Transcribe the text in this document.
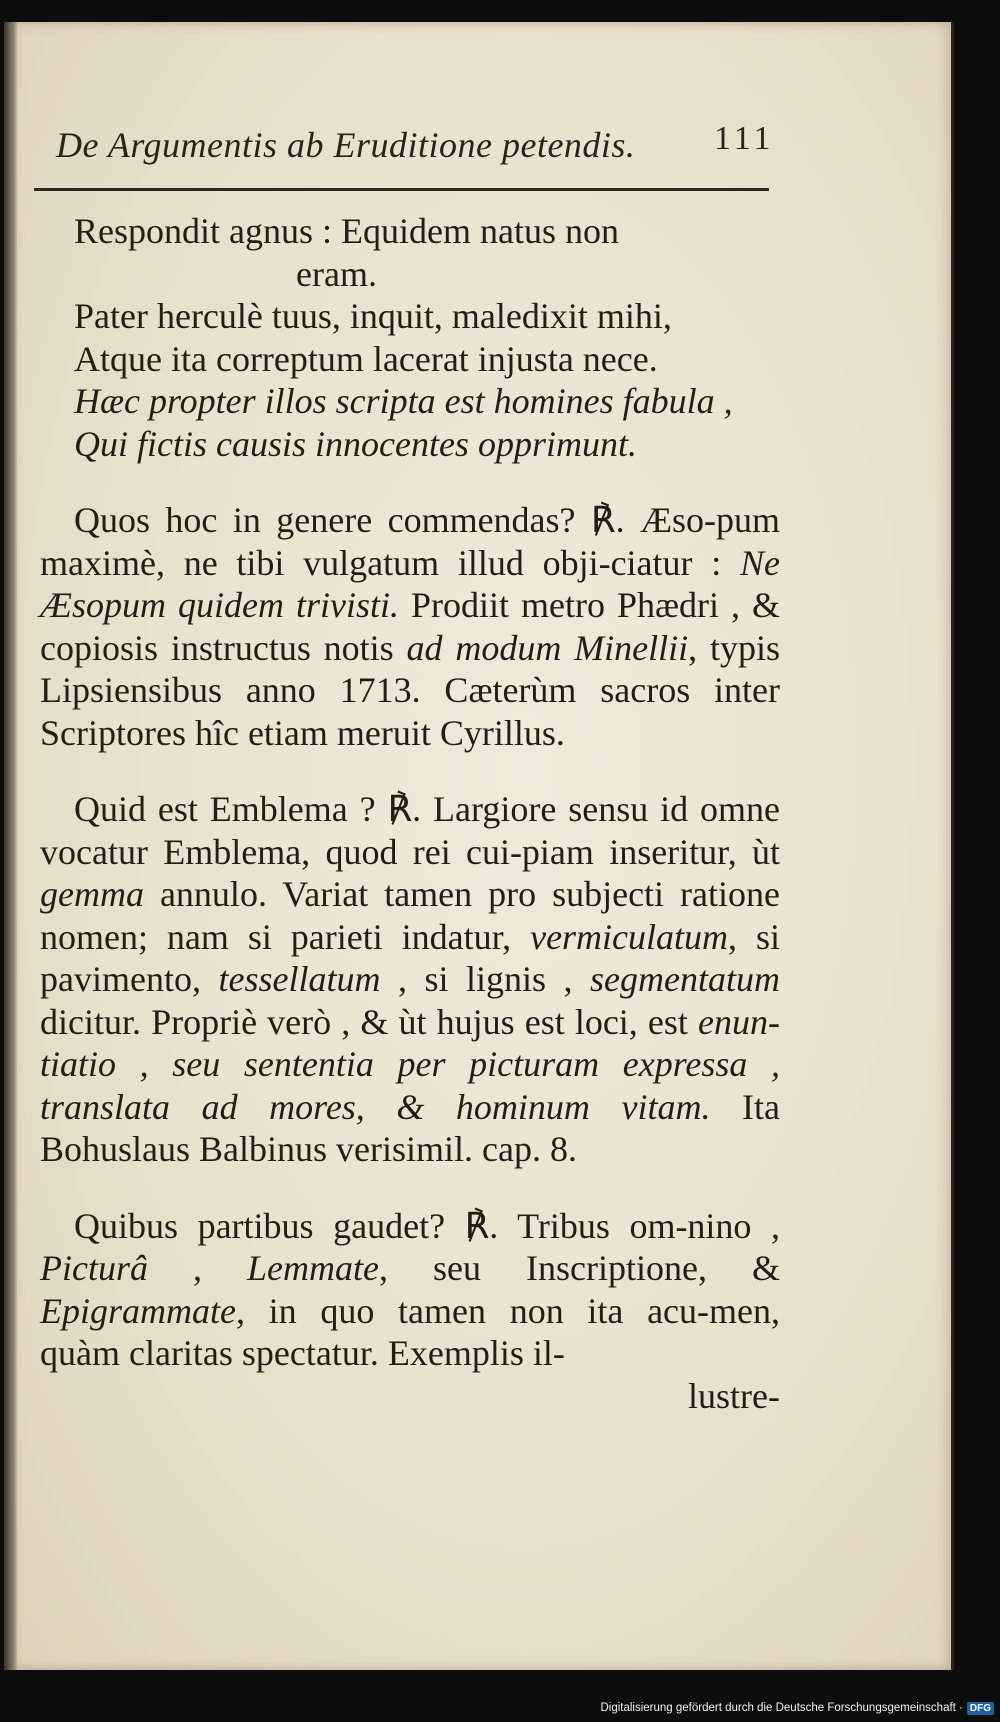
De Argumentis ab Eruditione petendis. 111
Respondit agnus : Equidem natus non
eram.
Pater herculè tuus, inquit, maledixit mihi,
Atque ita correptum lacerat injusta nece.
Hæc propter illos scripta est homines fabula ,
Qui fictis causis innocentes opprimunt.

Quos hoc in genere commendas? ℟. Æso-pum maximè, ne tibi vulgatum illud obji-ciatur : Ne Æsopum quidem trivisti. Prodiit metro Phædri , & copiosis instructus notis ad modum Minellii, typis Lipsiensibus anno 1713. Cæterùm sacros inter Scriptores hîc etiam meruit Cyrillus.

Quid est Emblema ? ℟. Largiore sensu id omne vocatur Emblema, quod rei cui-piam inseritur, ùt gemma annulo. Variat tamen pro subjecti ratione nomen; nam si parieti indatur, vermiculatum, si pavimento, tessellatum , si lignis , segmentatum dicitur. Propriè verò , & ùt hujus est loci, est enun-tiatio , seu sententia per picturam expressa , translata ad mores, & hominum vitam. Ita Bohuslaus Balbinus verisimil. cap. 8.

Quibus partibus gaudet? ℟. Tribus om-nino , Picturâ , Lemmate, seu Inscriptione, & Epigrammate, in quo tamen non ita acu-men, quàm claritas spectatur. Exemplis il-
lustre-

Digitalisierung gefördert durch die Deutsche Forschungsgemeinschaft · DFG
